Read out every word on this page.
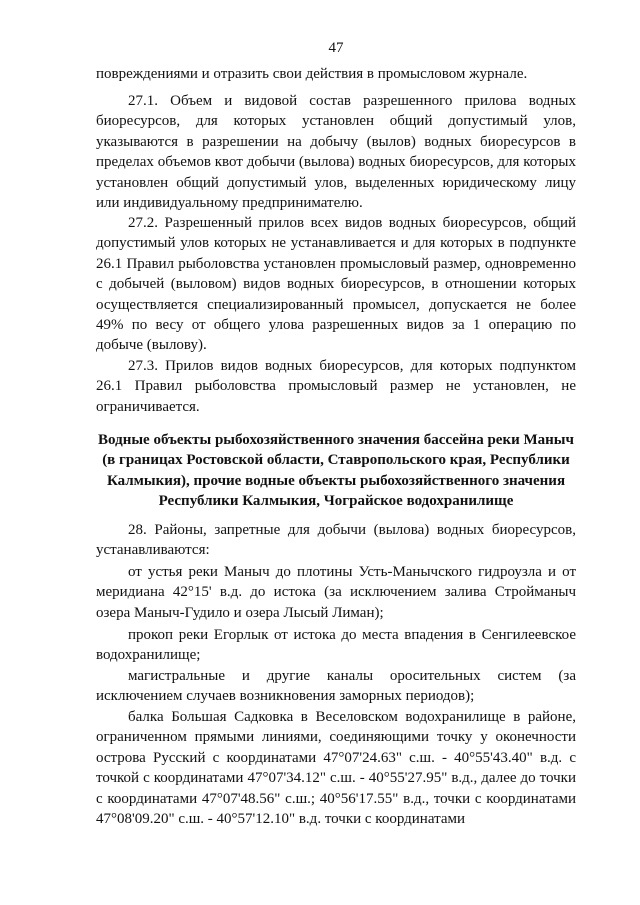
47

повреждениями и отразить свои действия в промысловом журнале.

27.1. Объем и видовой состав разрешенного прилова водных биоресурсов, для которых установлен общий допустимый улов, указываются в разрешении на добычу (вылов) водных биоресурсов в пределах объемов квот добычи (вылова) водных биоресурсов, для которых установлен общий допустимый улов, выделенных юридическому лицу или индивидуальному предпринимателю.

27.2. Разрешенный прилов всех видов водных биоресурсов, общий допустимый улов которых не устанавливается и для которых в подпункте 26.1 Правил рыболовства установлен промысловый размер, одновременно с добычей (выловом) видов водных биоресурсов, в отношении которых осуществляется специализированный промысел, допускается не более 49% по весу от общего улова разрешенных видов за 1 операцию по добыче (вылову).

27.3. Прилов видов водных биоресурсов, для которых подпунктом 26.1 Правил рыболовства промысловый размер не установлен, не ограничивается.

Водные объекты рыбохозяйственного значения бассейна реки Маныч (в границах Ростовской области, Ставропольского края, Республики Калмыкия), прочие водные объекты рыбохозяйственного значения Республики Калмыкия, Чограйское водохранилище

28. Районы, запретные для добычи (вылова) водных биоресурсов, устанавливаются:

от устья реки Маныч до плотины Усть-Манычского гидроузла и от меридиана 42°15' в.д. до истока (за исключением залива Стройманыч озера Маныч-Гудило и озера Лысый Лиман);

прокоп реки Егорлык от истока до места впадения в Сенгилеевское водохранилище;

магистральные и другие каналы оросительных систем (за исключением случаев возникновения заморных периодов);

балка Большая Садковка в Веселовском водохранилище в районе, ограниченном прямыми линиями, соединяющими точку у оконечности острова Русский с координатами 47°07'24.63" с.ш. - 40°55'43.40" в.д. с точкой с координатами 47°07'34.12" с.ш. - 40°55'27.95" в.д., далее до точки с координатами 47°07'48.56" с.ш.; 40°56'17.55" в.д., точки с координатами 47°08'09.20" с.ш. - 40°57'12.10" в.д. точки с координатами
